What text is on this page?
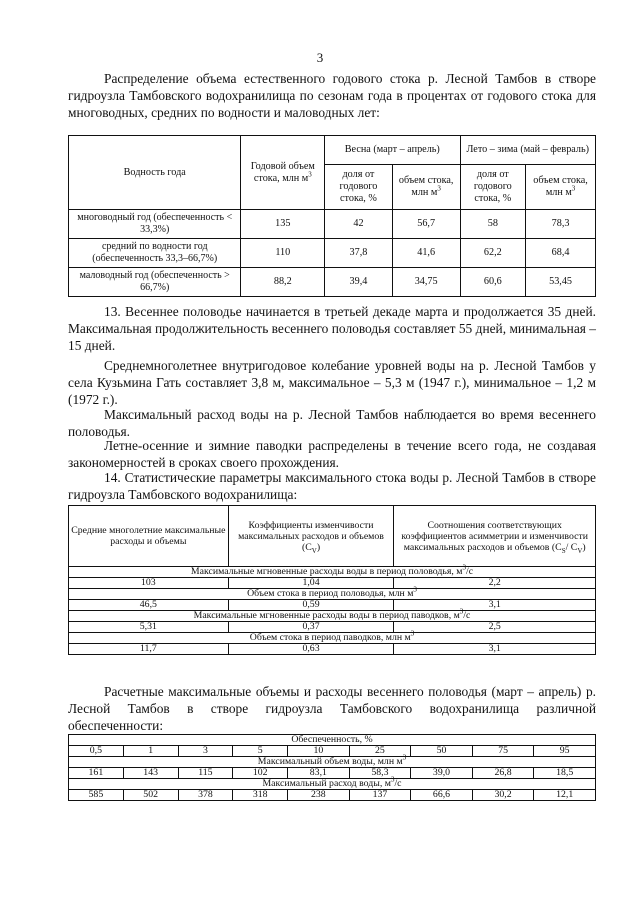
3

Распределение объема естественного годового стока р. Лесной Тамбов в створе гидроузла Тамбовского водохранилища по сезонам года в процентах от годового стока для многоводных, средних по водности и маловодных лет:

Водность года	Годовой объем стока, млн $м^3$	Весна (март – апрель)		Лето – зима (май – февраль)	
		доля от годового стока, %	объем стока, млн $м^3$	доля от годового стока, %	объем стока, млн $м^3$
многоводный год (обеспеченность < 33,3%)	135	42	56,7	58	78,3
средний по водности год (обеспеченность 33,3–66,7%)	110	37,8	41,6	62,2	68,4
маловодный год (обеспеченность > 66,7%)	88,2	39,4	34,75	60,6	53,45

13. Весеннее половодье начинается в третьей декаде марта и продолжается 35 дней. Максимальная продолжительность весеннего половодья составляет 55 дней, минимальная – 15 дней.

Среднемноголетнее внутригодовое колебание уровней воды на р. Лесной Тамбов у села Кузьмина Гать составляет 3,8 м, максимальное – 5,3 м (1947 г.), минимальное – 1,2 м (1972 г.).

Максимальный расход воды на р. Лесной Тамбов наблюдается во время весеннего половодья.

Летне-осенние и зимние паводки распределены в течение всего года, не создавая закономерностей в сроках своего прохождения.

14. Статистические параметры максимального стока воды р. Лесной Тамбов в створе гидроузла Тамбовского водохранилища:

Средние многолетние максимальные расходы и объемы	Коэффициенты изменчивости максимальных расходов и объемов $(C_V)$	Соотношения соответствующих коэффициентов асимметрии и изменчивости максимальных расходов и объемов ($C_S/$ $C_V$)
Максимальные мгновенные расходы воды в период половодья, $м^3/с$		
103	1,04	2,2
Объем стока в период половодья, млн $м^3$
46,5	0,59	3,1
Максимальные мгновенные расходы воды в период паводков, $м^3/с$		
5,31	0,37	2,5
Объем стока в период паводков, млн $м^3$
11,7	0,63	3,1

Расчетные максимальные объемы и расходы весеннего половодья (март – апрель) р. Лесной Тамбов в створе гидроузла Тамбовского водохранилища различной обеспеченности:

Обеспеченность, %								
0,5	1	3	5	10	25	50	75	95
Максимальный объем воды, млн $м^3$
161	143	115	102	83,1	58,3	39,0	26,8	18,5
Максимальный расход воды, $м^3/с$								
585	502	378	318	238	137	66,6	30,2	12,1
